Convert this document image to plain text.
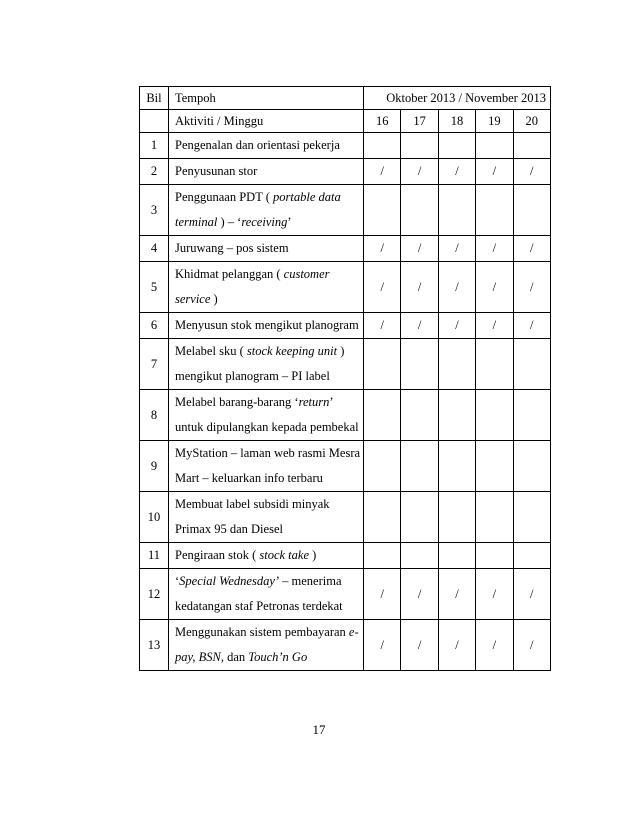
Bil	Tempoh	Oktober 2013 / November 2013				
	Aktiviti / Minggu	16	17	18	19	20
1	Pengenalan dan orientasi pekerja					
2	Penyusunan stor	/	/	/	/	/
3	Penggunaan PDT ( portable data terminal ) – ‘receiving’					
4	Juruwang – pos sistem	/	/	/	/	/
5	Khidmat pelanggan ( customer service )	/	/	/	/	/
6	Menyusun stok mengikut planogram	/	/	/	/	/
7	Melabel sku ( stock keeping unit ) mengikut planogram – PI label					
8	Melabel barang-barang ‘return’ untuk dipulangkan kepada pembekal					
9	MyStation – laman web rasmi Mesra Mart – keluarkan info terbaru					
10	Membuat label subsidi minyak Primax 95 dan Diesel					
11	Pengiraan stok ( stock take )					
12	‘Special Wednesday’ – menerima kedatangan staf Petronas terdekat	/	/	/	/	/
13	Menggunakan sistem pembayaran e-pay, BSN, dan Touch’n Go	/	/	/	/	/
17
